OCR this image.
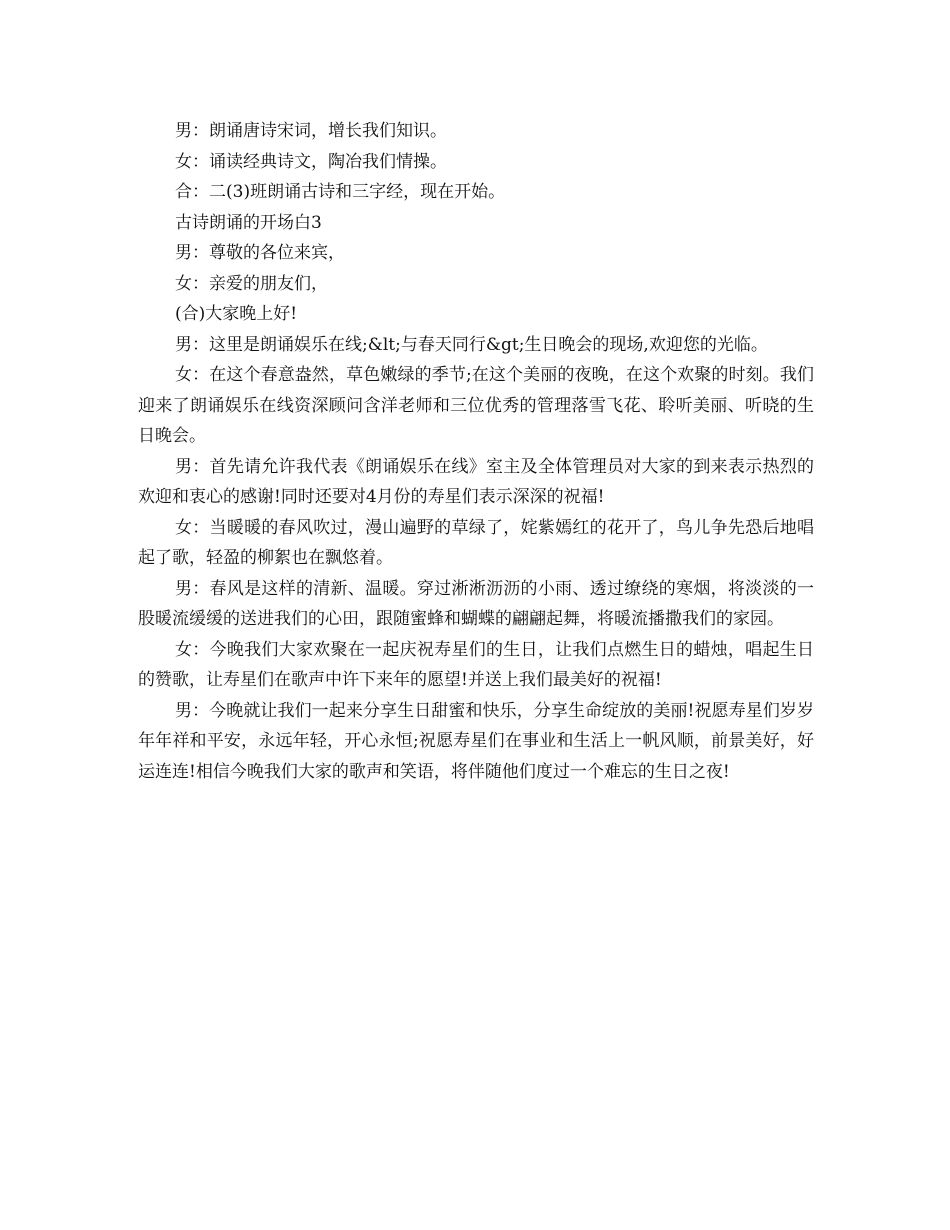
男：朗诵唐诗宋词，增长我们知识。

女：诵读经典诗文，陶冶我们情操。

合：二(3)班朗诵古诗和三字经，现在开始。

古诗朗诵的开场白3

男：尊敬的各位来宾，

女：亲爱的朋友们，

(合)大家晚上好!

男：这里是朗诵娱乐在线;&lt;与春天同行&gt;生日晚会的现场,欢迎您的光临。

女：在这个春意盎然，草色嫩绿的季节;在这个美丽的夜晚，在这个欢聚的时刻。我们迎来了朗诵娱乐在线资深顾问含洋老师和三位优秀的管理落雪飞花、聆听美丽、听晓的生日晚会。

男：首先请允许我代表《朗诵娱乐在线》室主及全体管理员对大家的到来表示热烈的欢迎和衷心的感谢!同时还要对4月份的寿星们表示深深的祝福!

女：当暖暖的春风吹过，漫山遍野的草绿了，姹紫嫣红的花开了，鸟儿争先恐后地唱起了歌，轻盈的柳絮也在飘悠着。

男：春风是这样的清新、温暖。穿过淅淅沥沥的小雨、透过缭绕的寒烟，将淡淡的一股暖流缓缓的送进我们的心田，跟随蜜蜂和蝴蝶的翩翩起舞，将暖流播撒我们的家园。

女：今晚我们大家欢聚在一起庆祝寿星们的生日，让我们点燃生日的蜡烛，唱起生日的赞歌，让寿星们在歌声中许下来年的愿望!并送上我们最美好的祝福!

男：今晚就让我们一起来分享生日甜蜜和快乐，分享生命绽放的美丽!祝愿寿星们岁岁年年祥和平安，永远年轻，开心永恒;祝愿寿星们在事业和生活上一帆风顺，前景美好，好运连连!相信今晚我们大家的歌声和笑语，将伴随他们度过一个难忘的生日之夜!
